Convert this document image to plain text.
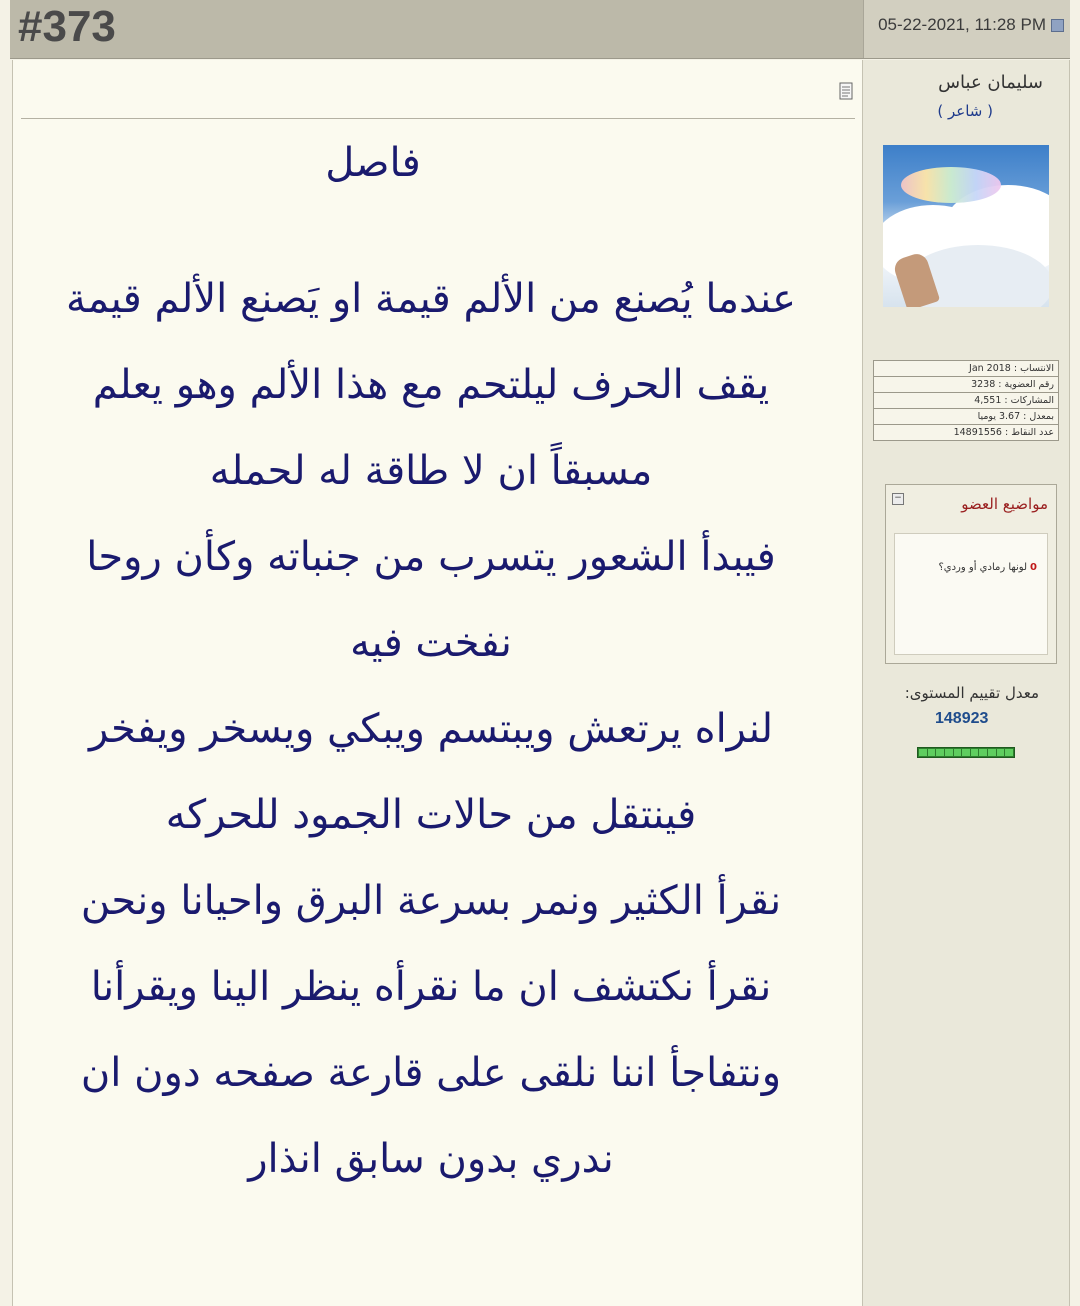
#373	05-22-2021, 11:28 PM
فاصل
عندما يُصنع من الألم قيمة او يَصنع الألم قيمة
يقف الحرف ليلتحم مع هذا الألم وهو يعلم
مسبقاً ان لا طاقة له لحمله
فيبدأ الشعور يتسرب من جنباته وكأن روحا
نفخت فيه
لنراه يرتعش ويبتسم ويبكي ويسخر ويفخر
فينتقل من حالات الجمود للحركه
نقرأ الكثير ونمر بسرعة البرق واحيانا ونحن
نقرأ نكتشف ان ما نقرأه ينظر الينا ويقرأنا
ونتفاجأ اننا نلقى على قارعة صفحه دون ان
ندري بدون سابق انذار
سليمان عباس
( شاعر )
الانتساب : Jan 2018
رقم العضوية : 3238
المشاركات : 4,551
بمعدل : 3.67 يوميا
عدد النقاط : 14891556
مواضيع العضو
−
0لونها رمادي أو وردي؟
معدل تقييم المستوى:
148923
